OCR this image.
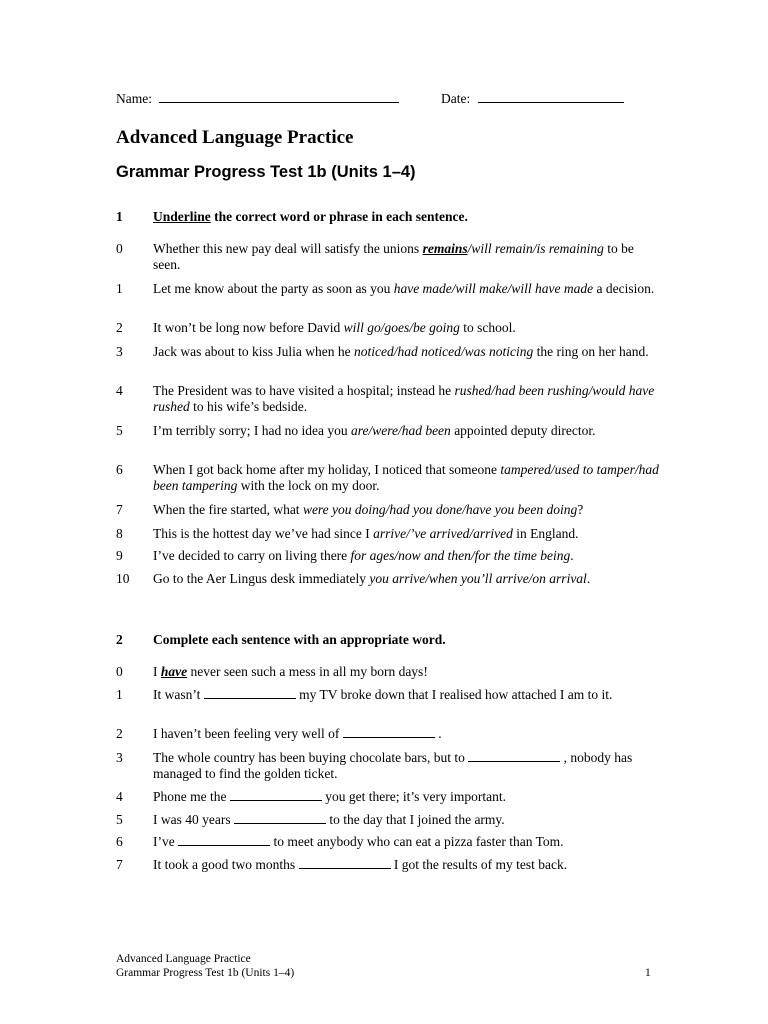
Name:	Date:
Advanced Language Practice
Grammar Progress Test 1b (Units 1–4)
1 Underline the correct word or phrase in each sentence.
0	Whether this new pay deal will satisfy the unions remains/will remain/is remaining to be seen.
1	Let me know about the party as soon as you have made/will make/will have made a decision.
2	It won’t be long now before David will go/goes/be going to school.
3	Jack was about to kiss Julia when he noticed/had noticed/was noticing the ring on her hand.
4	The President was to have visited a hospital; instead he rushed/had been rushing/would have rushed to his wife’s bedside.
5	I’m terribly sorry; I had no idea you are/were/had been appointed deputy director.
6	When I got back home after my holiday, I noticed that someone tampered/used to tamper/had been tampering with the lock on my door.
7	When the fire started, what were you doing/had you done/have you been doing?
8	This is the hottest day we’ve had since I arrive/’ve arrived/arrived in England.
9	I’ve decided to carry on living there for ages/now and then/for the time being.
10	Go to the Aer Lingus desk immediately you arrive/when you’ll arrive/on arrival.
2 Complete each sentence with an appropriate word.
0	I have never seen such a mess in all my born days!
1	It wasn’t	my TV broke down that I realised how attached I am to it.
2	I haven’t been feeling very well of	.
3	The whole country has been buying chocolate bars, but to	, nobody has managed to find the golden ticket.
4	Phone me the	you get there; it’s very important.
5	I was 40 years	to the day that I joined the army.
6	I’ve	to meet anybody who can eat a pizza faster than Tom.
7	It took a good two months	I got the results of my test back.
Advanced Language Practice
Grammar Progress Test 1b (Units 1–4)	1
